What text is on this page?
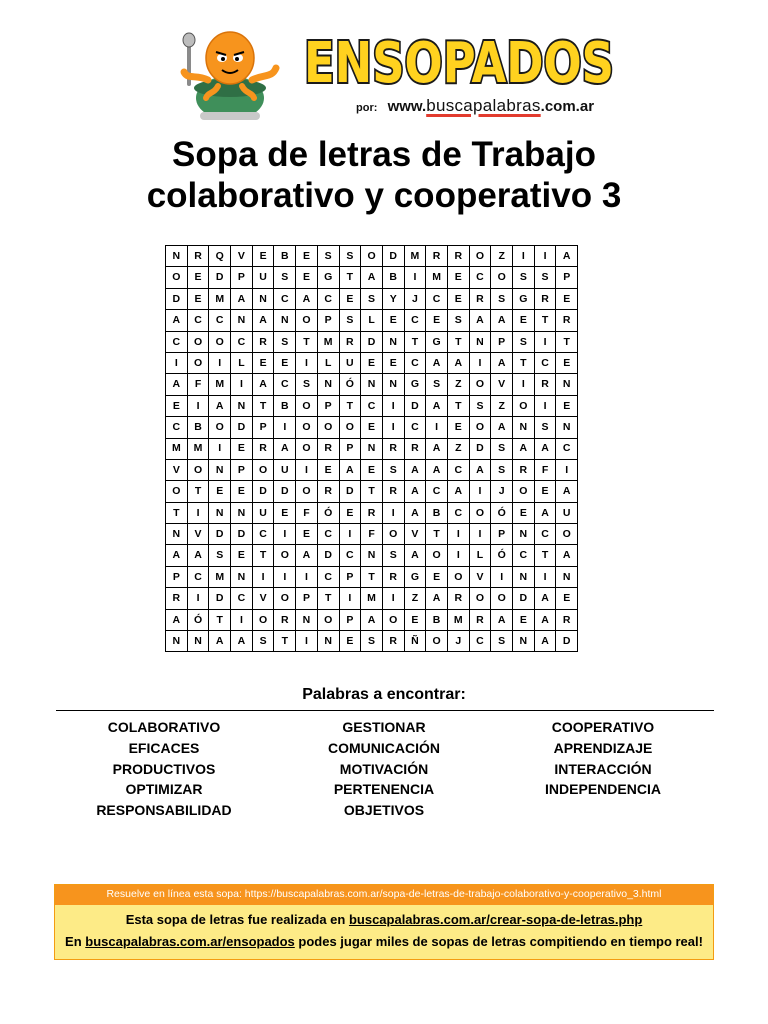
ENSOPADOS
por: www.buscapalabras.com.ar
Sopa de letras de Trabajo
colaborativo y cooperativo 3
N	R	Q	V	E	B	E	S	S	O	D	M	R	R	O	Z	I	I	A
O	E	D	P	U	S	E	G	T	A	B	I	M	E	C	O	S	S	P
D	E	M	A	N	C	A	C	E	S	Y	J	C	E	R	S	G	R	E
A	C	C	N	A	N	O	P	S	L	E	C	E	S	A	A	E	T	R
C	O	O	C	R	S	T	M	R	D	N	T	G	T	N	P	S	I	T
I	O	I	L	E	E	I	L	U	E	E	C	A	A	I	A	T	C	E
A	F	M	I	A	C	S	N	Ó	N	N	G	S	Z	O	V	I	R	N
E	I	A	N	T	B	O	P	T	C	I	D	A	T	S	Z	O	I	E
C	B	O	D	P	I	O	O	O	E	I	C	I	E	O	A	N	S	N
M	M	I	E	R	A	O	R	P	N	R	R	A	Z	D	S	A	A	C
V	O	N	P	O	U	I	E	A	E	S	A	A	C	A	S	R	F	I
O	T	E	E	D	D	O	R	D	T	R	A	C	A	I	J	O	E	A
T	I	N	N	U	E	F	Ó	E	R	I	A	B	C	O	Ó	E	A	U
N	V	D	D	C	I	E	C	I	F	O	V	T	I	I	P	N	C	O
A	A	S	E	T	O	A	D	C	N	S	A	O	I	L	Ó	C	T	A
P	C	M	N	I	I	I	C	P	T	R	G	E	O	V	I	N	I	N
R	I	D	C	V	O	P	T	I	M	I	Z	A	R	O	O	D	A	E
A	Ó	T	I	O	R	N	O	P	A	O	E	B	M	R	A	E	A	R
N	N	A	A	S	T	I	N	E	S	R	Ñ	O	J	C	S	N	A	D
Palabras a encontrar:
COLABORATIVO
EFICACES
PRODUCTIVOS
OPTIMIZAR
RESPONSABILIDAD
GESTIONAR
COMUNICACIÓN
MOTIVACIÓN
PERTENENCIA
OBJETIVOS
COOPERATIVO
APRENDIZAJE
INTERACCIÓN
INDEPENDENCIA
Resuelve en línea esta sopa: https://buscapalabras.com.ar/sopa-de-letras-de-trabajo-colaborativo-y-cooperativo_3.html
Esta sopa de letras fue realizada en buscapalabras.com.ar/crear-sopa-de-letras.php
En buscapalabras.com.ar/ensopados podes jugar miles de sopas de letras compitiendo en tiempo real!
